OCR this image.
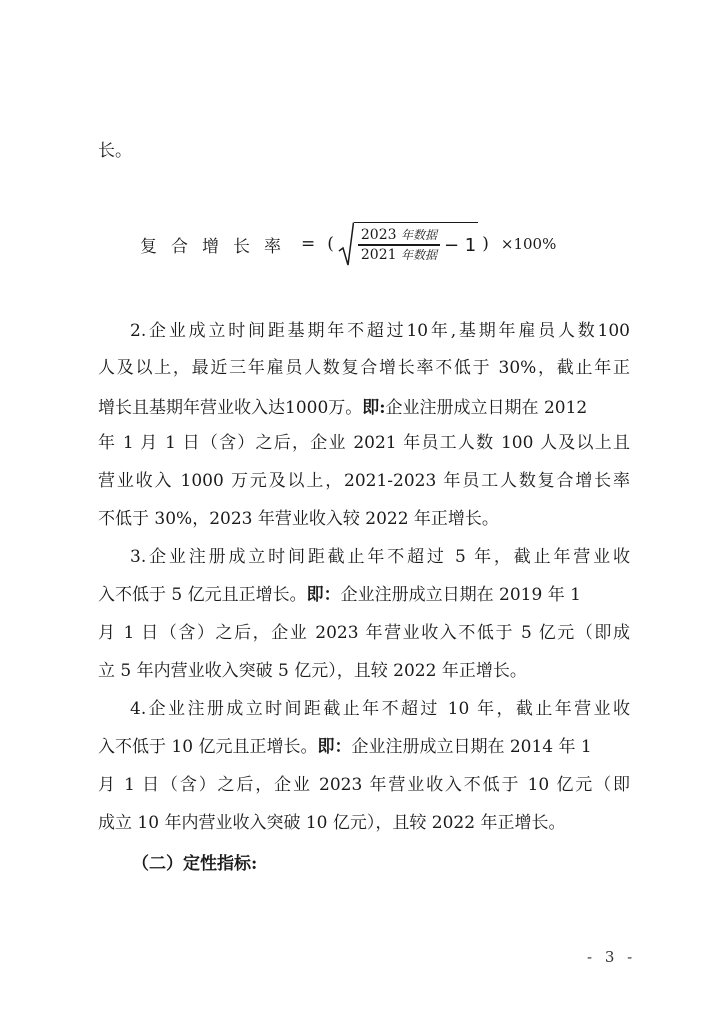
长。
复合增长率 = ( $\frac{\text{2023 年数据}}{\text{2021 年数据}} - 1$ ) ×100%
2.企业成立时间距基期年不超过10年,基期年雇员人数100
人及以上，最近三年雇员人数复合增长率不低于 30%，截止年正
增长且基期年营业收入达1000万。即:企业注册成立日期在 2012
年 1 月 1 日（含）之后，企业 2021 年员工人数 100 人及以上且
营业收入 1000 万元及以上，2021-2023 年员工人数复合增长率
不低于 30%，2023 年营业收入较 2022 年正增长。
3.企业注册成立时间距截止年不超过 5 年，截止年营业收
入不低于 5 亿元且正增长。即：企业注册成立日期在 2019 年 1
月 1 日（含）之后，企业 2023 年营业收入不低于 5 亿元（即成
立 5 年内营业收入突破 5 亿元），且较 2022 年正增长。
4.企业注册成立时间距截止年不超过 10 年，截止年营业收
入不低于 10 亿元且正增长。即：企业注册成立日期在 2014 年 1
月 1 日（含）之后，企业 2023 年营业收入不低于 10 亿元（即
成立 10 年内营业收入突破 10 亿元），且较 2022 年正增长。
（二）定性指标:
- 3 -
